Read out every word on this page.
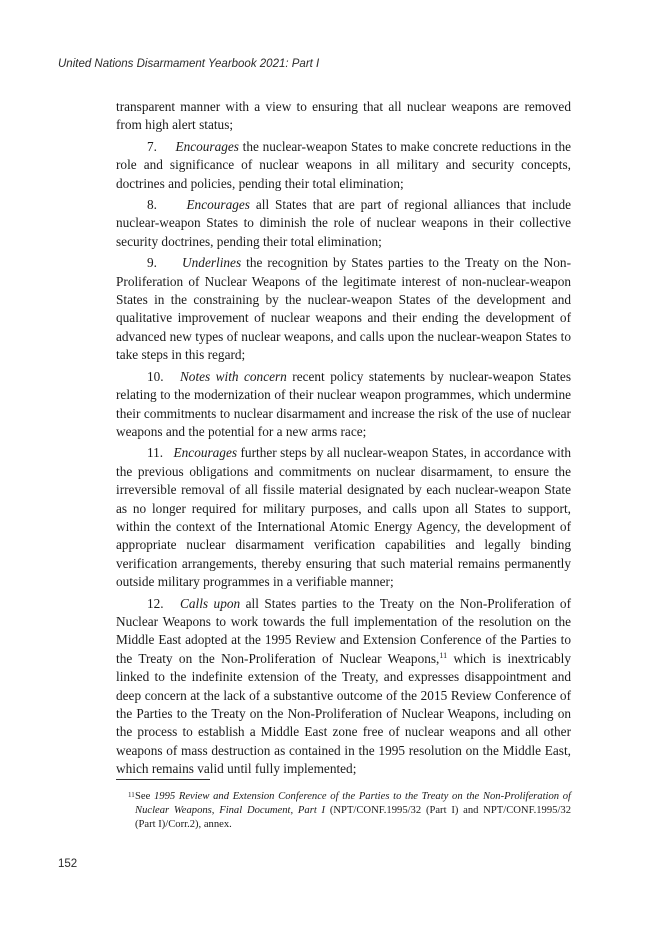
United Nations Disarmament Yearbook 2021: Part I

transparent manner with a view to ensuring that all nuclear weapons are removed from high alert status;

7. Encourages the nuclear-weapon States to make concrete reductions in the role and significance of nuclear weapons in all military and security concepts, doctrines and policies, pending their total elimination;

8. Encourages all States that are part of regional alliances that include nuclear-weapon States to diminish the role of nuclear weapons in their collective security doctrines, pending their total elimination;

9. Underlines the recognition by States parties to the Treaty on the Non-Proliferation of Nuclear Weapons of the legitimate interest of non-nuclear-weapon States in the constraining by the nuclear-weapon States of the development and qualitative improvement of nuclear weapons and their ending the development of advanced new types of nuclear weapons, and calls upon the nuclear-weapon States to take steps in this regard;

10. Notes with concern recent policy statements by nuclear-weapon States relating to the modernization of their nuclear weapon programmes, which undermine their commitments to nuclear disarmament and increase the risk of the use of nuclear weapons and the potential for a new arms race;

11. Encourages further steps by all nuclear-weapon States, in accordance with the previous obligations and commitments on nuclear disarmament, to ensure the irreversible removal of all fissile material designated by each nuclear-weapon State as no longer required for military purposes, and calls upon all States to support, within the context of the International Atomic Energy Agency, the development of appropriate nuclear disarmament verification capabilities and legally binding verification arrangements, thereby ensuring that such material remains permanently outside military programmes in a verifiable manner;

12. Calls upon all States parties to the Treaty on the Non-Proliferation of Nuclear Weapons to work towards the full implementation of the resolution on the Middle East adopted at the 1995 Review and Extension Conference of the Parties to the Treaty on the Non-Proliferation of Nuclear Weapons,$^{11}$ which is inextricably linked to the indefinite extension of the Treaty, and expresses disappointment and deep concern at the lack of a substantive outcome of the 2015 Review Conference of the Parties to the Treaty on the Non-Proliferation of Nuclear Weapons, including on the process to establish a Middle East zone free of nuclear weapons and all other weapons of mass destruction as contained in the 1995 resolution on the Middle East, which remains valid until fully implemented;

11 See 1995 Review and Extension Conference of the Parties to the Treaty on the Non-Proliferation of Nuclear Weapons, Final Document, Part I (NPT/CONF.1995/32 (Part I) and NPT/CONF.1995/32 (Part I)/Corr.2), annex.
152
